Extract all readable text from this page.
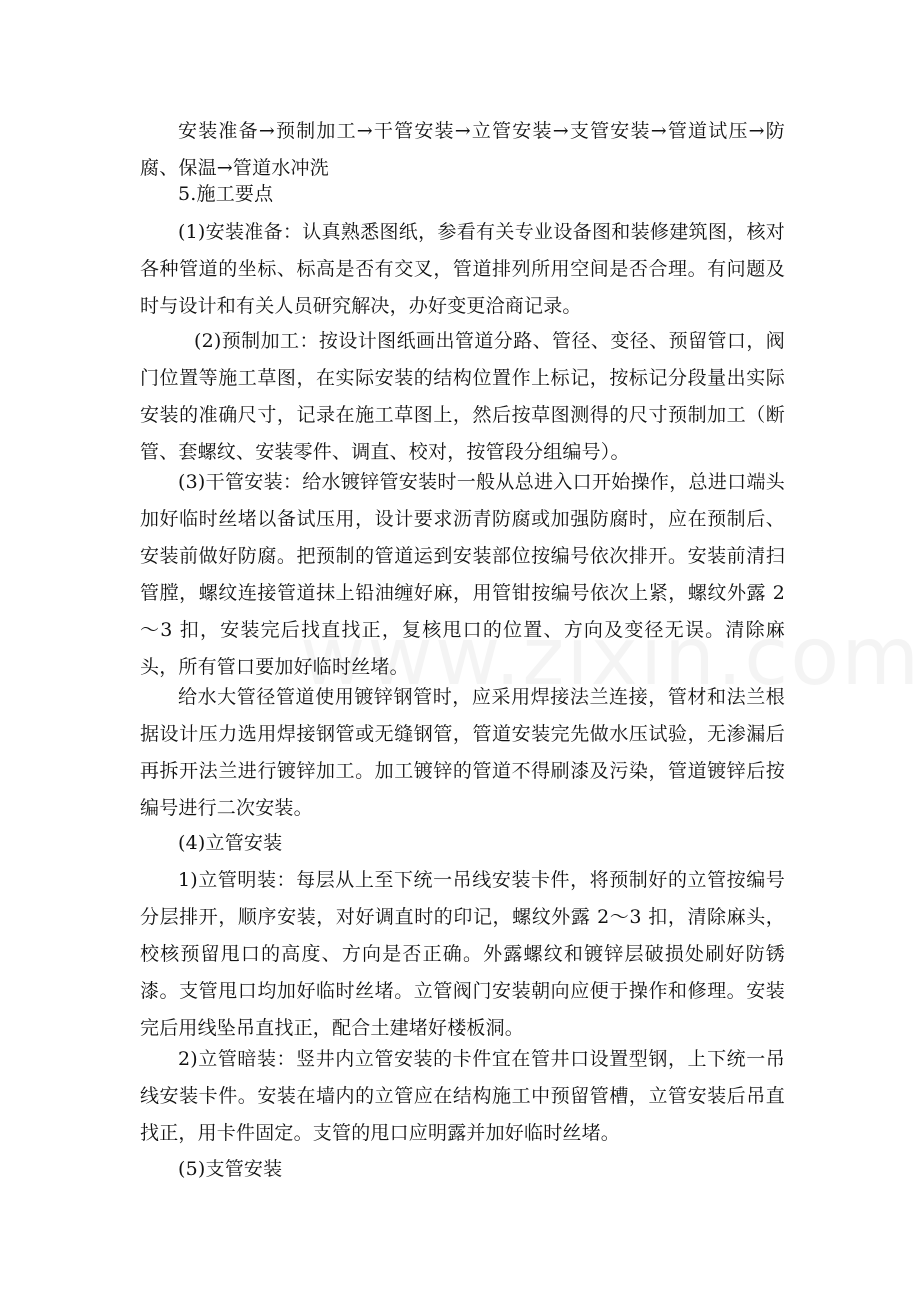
安装准备→预制加工→干管安装→立管安装→支管安装→管道试压→防腐、保温→管道水冲洗

5.施工要点

(1)安装准备：认真熟悉图纸，参看有关专业设备图和装修建筑图，核对各种管道的坐标、标高是否有交叉，管道排列所用空间是否合理。有问题及时与设计和有关人员研究解决，办好变更洽商记录。

(2)预制加工：按设计图纸画出管道分路、管径、变径、预留管口，阀门位置等施工草图，在实际安装的结构位置作上标记，按标记分段量出实际安装的准确尺寸，记录在施工草图上，然后按草图测得的尺寸预制加工（断管、套螺纹、安装零件、调直、校对，按管段分组编号）。

(3)干管安装：给水镀锌管安装时一般从总进入口开始操作，总进口端头加好临时丝堵以备试压用，设计要求沥青防腐或加强防腐时，应在预制后、安装前做好防腐。把预制的管道运到安装部位按编号依次排开。安装前清扫管膛，螺纹连接管道抹上铅油缠好麻，用管钳按编号依次上紧，螺纹外露 2～3 扣，安装完后找直找正，复核甩口的位置、方向及变径无误。清除麻头，所有管口要加好临时丝堵。

给水大管径管道使用镀锌钢管时，应采用焊接法兰连接，管材和法兰根据设计压力选用焊接钢管或无缝钢管，管道安装完先做水压试验，无渗漏后再拆开法兰进行镀锌加工。加工镀锌的管道不得刷漆及污染，管道镀锌后按编号进行二次安装。

(4)立管安装

1)立管明装：每层从上至下统一吊线安装卡件，将预制好的立管按编号分层排开，顺序安装，对好调直时的印记，螺纹外露 2～3 扣，清除麻头，校核预留甩口的高度、方向是否正确。外露螺纹和镀锌层破损处刷好防锈漆。支管甩口均加好临时丝堵。立管阀门安装朝向应便于操作和修理。安装完后用线坠吊直找正，配合土建堵好楼板洞。

2)立管暗装：竖井内立管安装的卡件宜在管井口设置型钢，上下统一吊线安装卡件。安装在墙内的立管应在结构施工中预留管槽，立管安装后吊直找正，用卡件固定。支管的甩口应明露并加好临时丝堵。

(5)支管安装
